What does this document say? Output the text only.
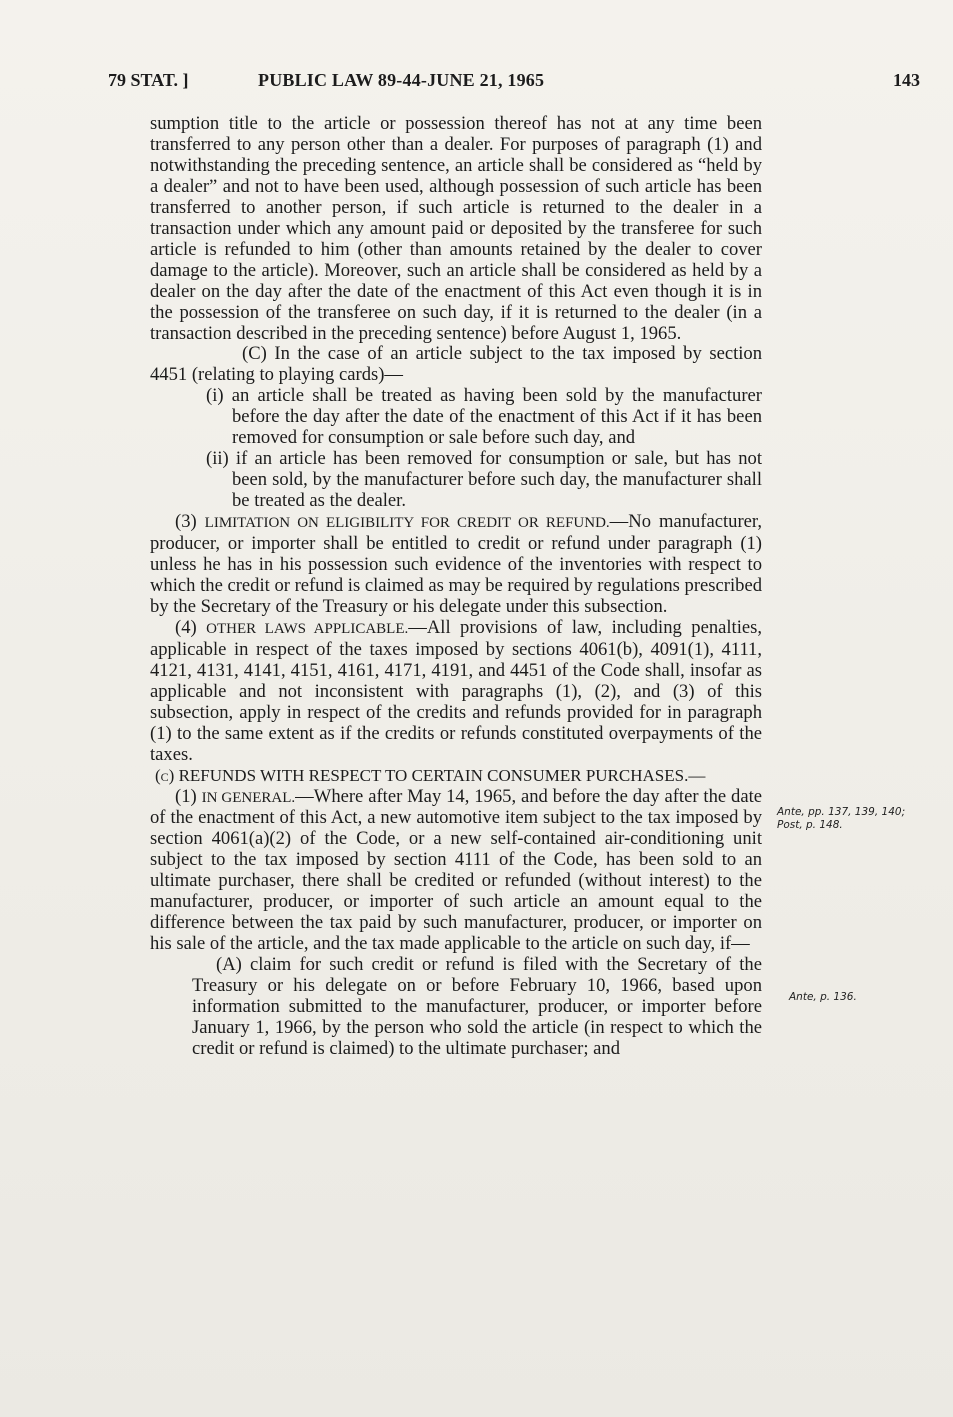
79 STAT. ]	PUBLIC LAW 89-44-JUNE 21, 1965	143

sumption title to the article or possession thereof has not at any time been transferred to any person other than a dealer. For purposes of paragraph (1) and notwithstanding the preceding sentence, an article shall be considered as “held by a dealer” and not to have been used, although possession of such article has been transferred to another person, if such article is returned to the dealer in a transaction under which any amount paid or deposited by the transferee for such article is refunded to him (other than amounts retained by the dealer to cover damage to the article). Moreover, such an article shall be considered as held by a dealer on the day after the date of the enactment of this Act even though it is in the possession of the transferee on such day, if it is returned to the dealer (in a transaction described in the preceding sentence) before August 1, 1965.

(C) In the case of an article subject to the tax imposed by section 4451 (relating to playing cards)—

(i) an article shall be treated as having been sold by the manufacturer before the day after the date of the enactment of this Act if it has been removed for consumption or sale before such day, and

(ii) if an article has been removed for consumption or sale, but has not been sold, by the manufacturer before such day, the manufacturer shall be treated as the dealer.

(3) LIMITATION ON ELIGIBILITY FOR CREDIT OR REFUND.—No manufacturer, producer, or importer shall be entitled to credit or refund under paragraph (1) unless he has in his possession such evidence of the inventories with respect to which the credit or refund is claimed as may be required by regulations prescribed by the Secretary of the Treasury or his delegate under this subsection.

(4) OTHER LAWS APPLICABLE.—All provisions of law, including penalties, applicable in respect of the taxes imposed by sections 4061(b), 4091(1), 4111, 4121, 4131, 4141, 4151, 4161, 4171, 4191, and 4451 of the Code shall, insofar as applicable and not inconsistent with paragraphs (1), (2), and (3) of this subsection, apply in respect of the credits and refunds provided for in paragraph (1) to the same extent as if the credits or refunds constituted overpayments of the taxes.

(c) REFUNDS WITH RESPECT TO CERTAIN CONSUMER PURCHASES.—

(1) IN GENERAL.—Where after May 14, 1965, and before the day after the date of the enactment of this Act, a new automotive item subject to the tax imposed by section 4061(a)(2) of the Code, or a new self-contained air-conditioning unit subject to the tax imposed by section 4111 of the Code, has been sold to an ultimate purchaser, there shall be credited or refunded (without interest) to the manufacturer, producer, or importer of such article an amount equal to the difference between the tax paid by such manufacturer, producer, or importer on his sale of the article, and the tax made applicable to the article on such day, if—

(A) claim for such credit or refund is filed with the Secretary of the Treasury or his delegate on or before February 10, 1966, based upon information submitted to the manufacturer, producer, or importer before January 1, 1966, by the person who sold the article (in respect to which the credit or refund is claimed) to the ultimate purchaser; and

Ante, pp. 137, 139, 140; Post, p. 148.
Ante, p. 136.
